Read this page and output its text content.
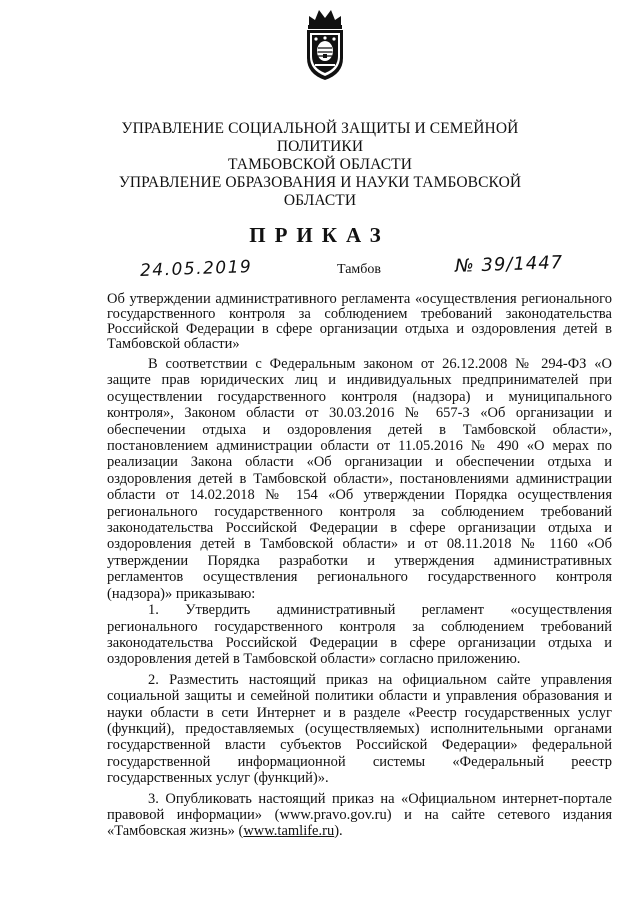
УПРАВЛЕНИЕ СОЦИАЛЬНОЙ ЗАЩИТЫ И СЕМЕЙНОЙ
ПОЛИТИКИ
ТАМБОВСКОЙ ОБЛАСТИ
УПРАВЛЕНИЕ ОБРАЗОВАНИЯ И НАУКИ ТАМБОВСКОЙ
ОБЛАСТИ
ПРИКАЗ
24.05.2019	Тамбов	№ 39/1447
Об утверждении административного регламента «осуществления регионального государственного контроля за соблюдением требований законодательства Российской Федерации в сфере организации отдыха и оздоровления детей в Тамбовской области»

В соответствии с Федеральным законом от 26.12.2008 № 294-ФЗ «О защите прав юридических лиц и индивидуальных предпринимателей при осуществлении государственного контроля (надзора) и муниципального контроля», Законом области от 30.03.2016 № 657-З «Об организации и обеспечении отдыха и оздоровления детей в Тамбовской области», постановлением администрации области от 11.05.2016 № 490 «О мерах по реализации Закона области «Об организации и обеспечении отдыха и оздоровления детей в Тамбовской области», постановлениями администрации области от 14.02.2018 № 154 «Об утверждении Порядка осуществления регионального государственного контроля за соблюдением требований законодательства Российской Федерации в сфере организации отдыха и оздоровления детей в Тамбовской области» и от 08.11.2018 № 1160 «Об утверждении Порядка разработки и утверждения административных регламентов осуществления регионального государственного контроля (надзора)» приказываю:

1. Утвердить административный регламент «осуществления регионального государственного контроля за соблюдением требований законодательства Российской Федерации в сфере организации отдыха и оздоровления детей в Тамбовской области» согласно приложению.

2. Разместить настоящий приказ на официальном сайте управления социальной защиты и семейной политики области и управления образования и науки области в сети Интернет и в разделе «Реестр государственных услуг (функций), предоставляемых (осуществляемых) исполнительными органами государственной власти субъектов Российской Федерации» федеральной государственной информационной системы «Федеральный реестр государственных услуг (функций)».

3. Опубликовать настоящий приказ на «Официальном интернет-портале правовой информации» (www.pravo.gov.ru) и на сайте сетевого издания «Тамбовская жизнь» (www.tamlife.ru).
